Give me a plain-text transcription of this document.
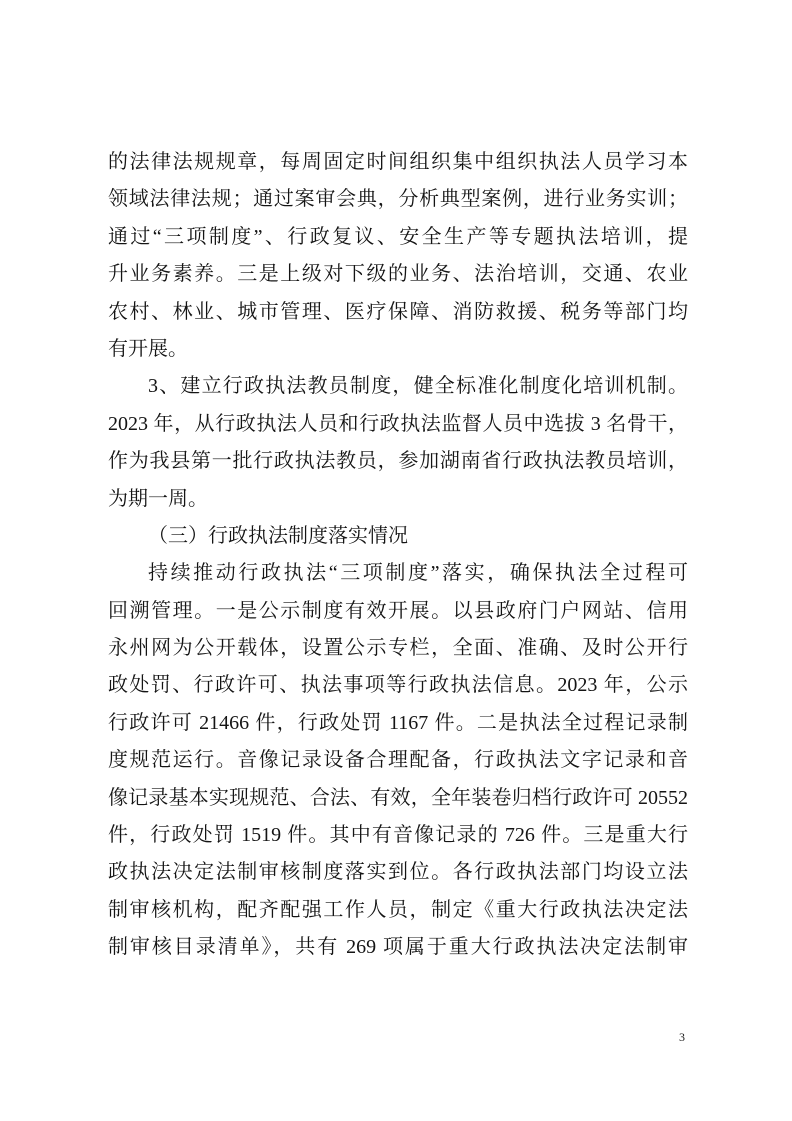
的法律法规规章，每周固定时间组织集中组织执法人员学习本
领域法律法规；通过案审会典，分析典型案例，进行业务实训；
通过“三项制度”、行政复议、安全生产等专题执法培训，提
升业务素养。三是上级对下级的业务、法治培训，交通、农业
农村、林业、城市管理、医疗保障、消防救援、税务等部门均
有开展。
3、建立行政执法教员制度，健全标准化制度化培训机制。
2023 年，从行政执法人员和行政执法监督人员中选拔 3 名骨干，
作为我县第一批行政执法教员，参加湖南省行政执法教员培训，
为期一周。
（三）行政执法制度落实情况
持续推动行政执法“三项制度”落实，确保执法全过程可
回溯管理。一是公示制度有效开展。以县政府门户网站、信用
永州网为公开载体，设置公示专栏，全面、准确、及时公开行
政处罚、行政许可、执法事项等行政执法信息。2023 年，公示
行政许可 21466 件，行政处罚 1167 件。二是执法全过程记录制
度规范运行。音像记录设备合理配备，行政执法文字记录和音
像记录基本实现规范、合法、有效，全年装卷归档行政许可 20552
件，行政处罚 1519 件。其中有音像记录的 726 件。三是重大行
政执法决定法制审核制度落实到位。各行政执法部门均设立法
制审核机构，配齐配强工作人员，制定《重大行政执法决定法
制审核目录清单》，共有 269 项属于重大行政执法决定法制审
3
